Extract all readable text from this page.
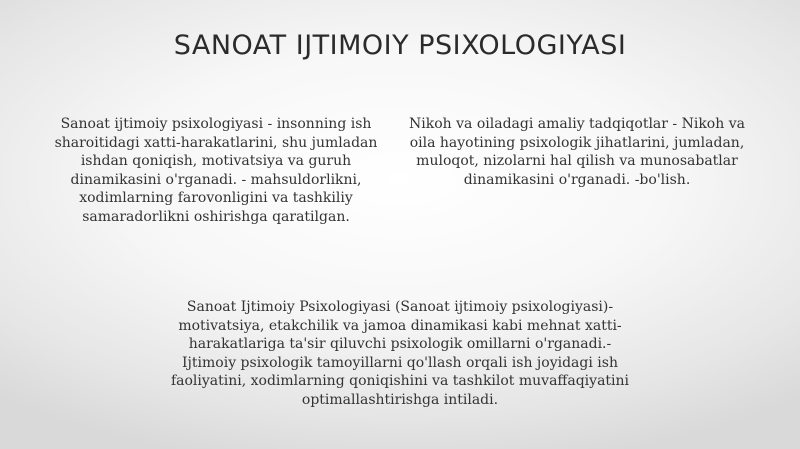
SANOAT IJTIMOIY PSIXOLOGIYASI

Sanoat ijtimoiy psixologiyasi - insonning ish sharoitidagi xatti-harakatlarini, shu jumladan ishdan qoniqish, motivatsiya va guruh dinamikasini o'rganadi. - mahsuldorlikni, xodimlarning farovonligini va tashkiliy samaradorlikni oshirishga qaratilgan.

Nikoh va oiladagi amaliy tadqiqotlar - Nikoh va oila hayotining psixologik jihatlarini, jumladan, muloqot, nizolarni hal qilish va munosabatlar dinamikasini o'rganadi. -bo'lish.

Sanoat Ijtimoiy Psixologiyasi (Sanoat ijtimoiy psixologiyasi)- motivatsiya, etakchilik va jamoa dinamikasi kabi mehnat xatti-harakatlariga ta'sir qiluvchi psixologik omillarni o'rganadi.- Ijtimoiy psixologik tamoyillarni qo'llash orqali ish joyidagi ish faoliyatini, xodimlarning qoniqishini va tashkilot muvaffaqiyatini optimallashtirishga intiladi.
